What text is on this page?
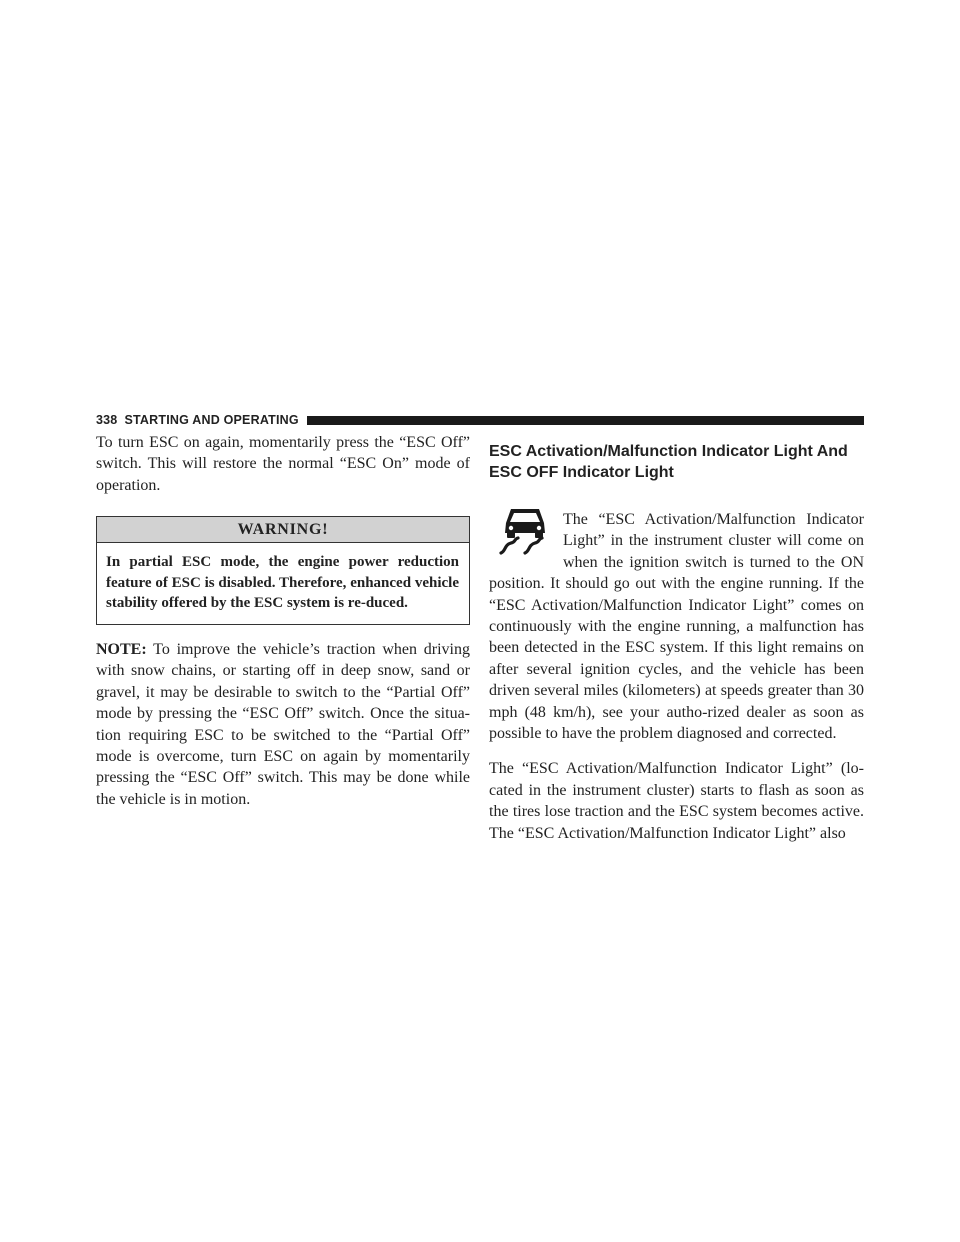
338 STARTING AND OPERATING

To turn ESC on again, momentarily press the “ESC Off” switch. This will restore the normal “ESC On” mode of operation.

WARNING!
In partial ESC mode, the engine power reduction feature of ESC is disabled. Therefore, enhanced vehicle stability offered by the ESC system is re-duced.

NOTE: To improve the vehicle’s traction when driving with snow chains, or starting off in deep snow, sand or gravel, it may be desirable to switch to the “Partial Off” mode by pressing the “ESC Off” switch. Once the situa-tion requiring ESC to be switched to the “Partial Off” mode is overcome, turn ESC on again by momentarily pressing the “ESC Off” switch. This may be done while the vehicle is in motion.

ESC Activation/Malfunction Indicator Light And ESC OFF Indicator Light

The “ESC Activation/Malfunction Indicator Light” in the instrument cluster will come on when the ignition switch is turned to the ON position. It should go out with the engine running. If the “ESC Activation/Malfunction Indicator Light” comes on continuously with the engine running, a malfunction has been detected in the ESC system. If this light remains on after several ignition cycles, and the vehicle has been driven several miles (kilometers) at speeds greater than 30 mph (48 km/h), see your autho-rized dealer as soon as possible to have the problem diagnosed and corrected.

The “ESC Activation/Malfunction Indicator Light” (lo-cated in the instrument cluster) starts to flash as soon as the tires lose traction and the ESC system becomes active. The “ESC Activation/Malfunction Indicator Light” also
